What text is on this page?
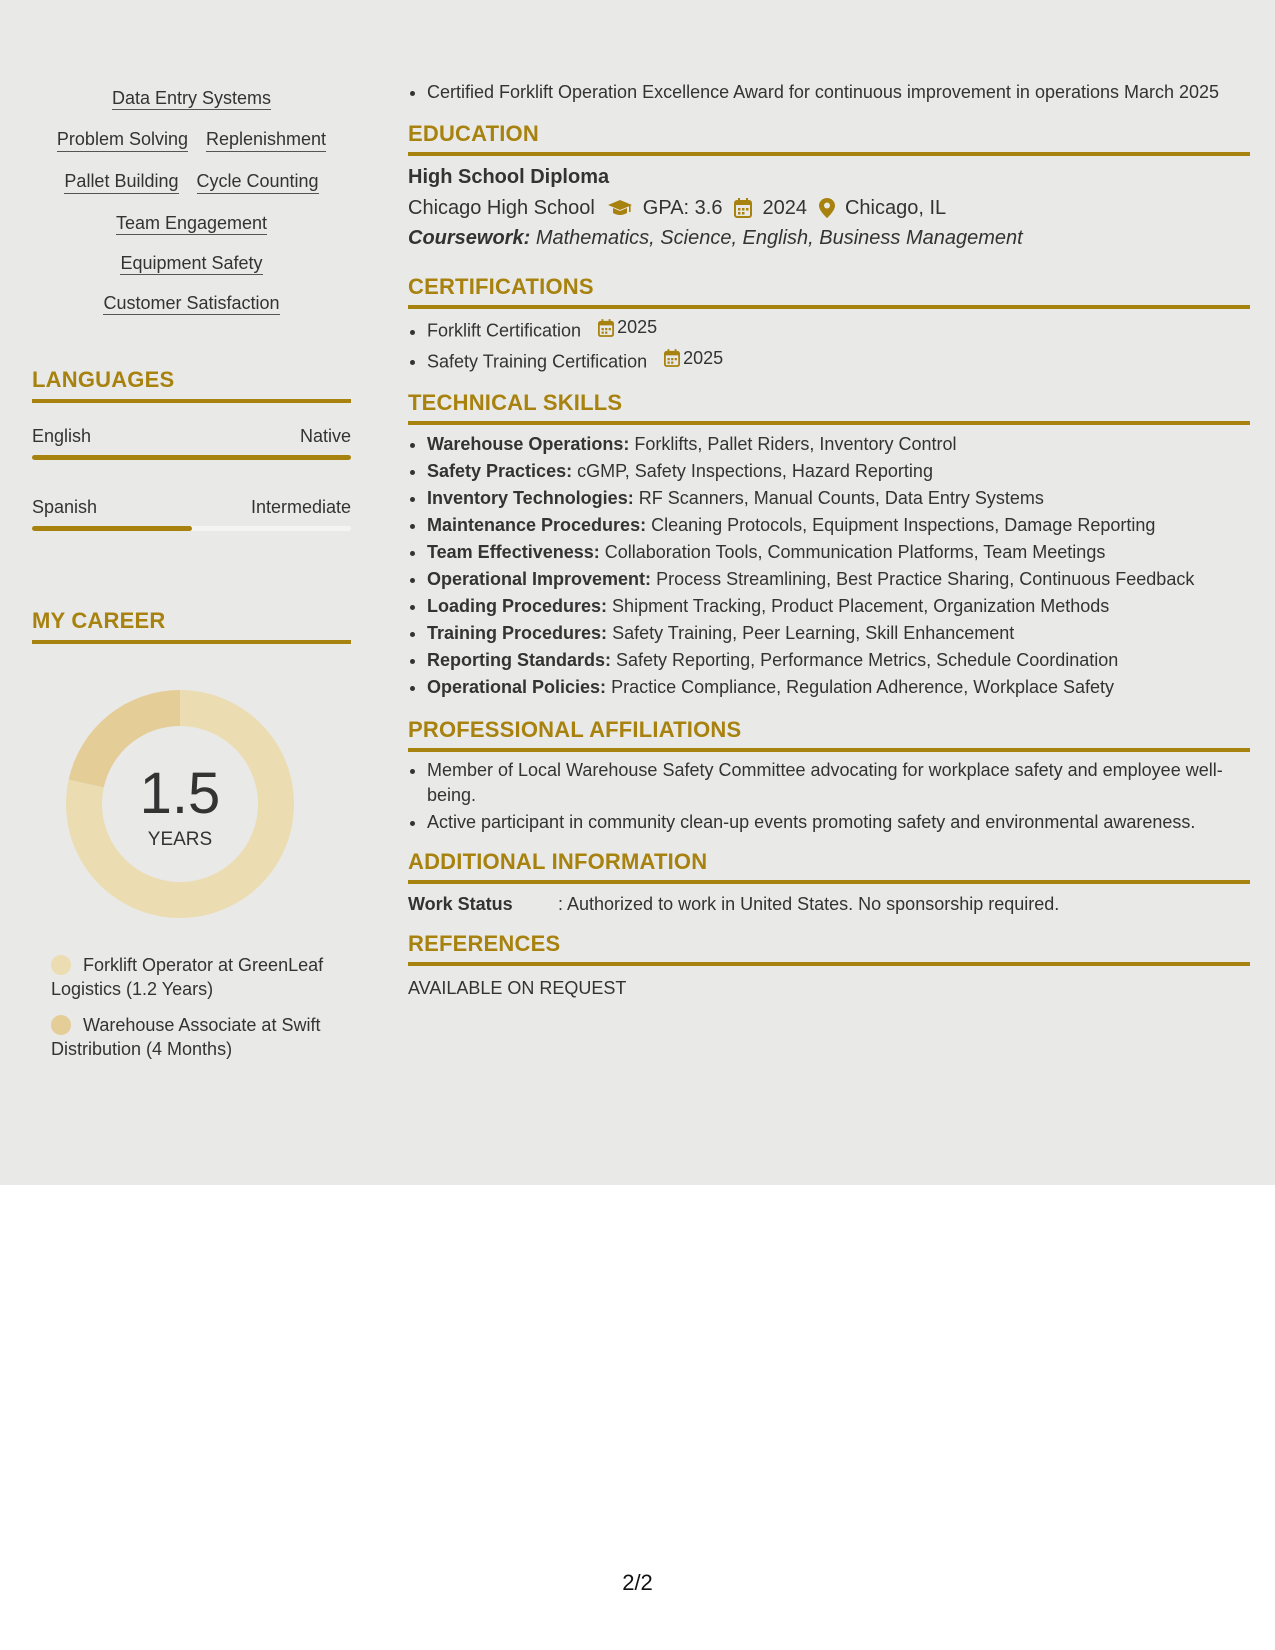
Data Entry Systems
Problem Solving Replenishment
Pallet Building Cycle Counting
Team Engagement
Equipment Safety
Customer Satisfaction
LANGUAGES
English	Native
Spanish	Intermediate
MY CAREER
1.5
YEARS
Forklift Operator at GreenLeaf Logistics (1.2 Years)
Warehouse Associate at Swift Distribution (4 Months)
• Certified Forklift Operation Excellence Award for continuous improvement in operations March 2025
EDUCATION
High School Diploma
Chicago High School GPA: 3.6 2024 Chicago, IL
Coursework: Mathematics, Science, English, Business Management
CERTIFICATIONS
• Forklift Certification 2025
• Safety Training Certification 2025
TECHNICAL SKILLS
• Warehouse Operations: Forklifts, Pallet Riders, Inventory Control
• Safety Practices: cGMP, Safety Inspections, Hazard Reporting
• Inventory Technologies: RF Scanners, Manual Counts, Data Entry Systems
• Maintenance Procedures: Cleaning Protocols, Equipment Inspections, Damage Reporting
• Team Effectiveness: Collaboration Tools, Communication Platforms, Team Meetings
• Operational Improvement: Process Streamlining, Best Practice Sharing, Continuous Feedback
• Loading Procedures: Shipment Tracking, Product Placement, Organization Methods
• Training Procedures: Safety Training, Peer Learning, Skill Enhancement
• Reporting Standards: Safety Reporting, Performance Metrics, Schedule Coordination
• Operational Policies: Practice Compliance, Regulation Adherence, Workplace Safety
PROFESSIONAL AFFILIATIONS
• Member of Local Warehouse Safety Committee advocating for workplace safety and employee well-being.
• Active participant in community clean-up events promoting safety and environmental awareness.
ADDITIONAL INFORMATION
Work Status	: Authorized to work in United States. No sponsorship required.
REFERENCES
AVAILABLE ON REQUEST
2/2
